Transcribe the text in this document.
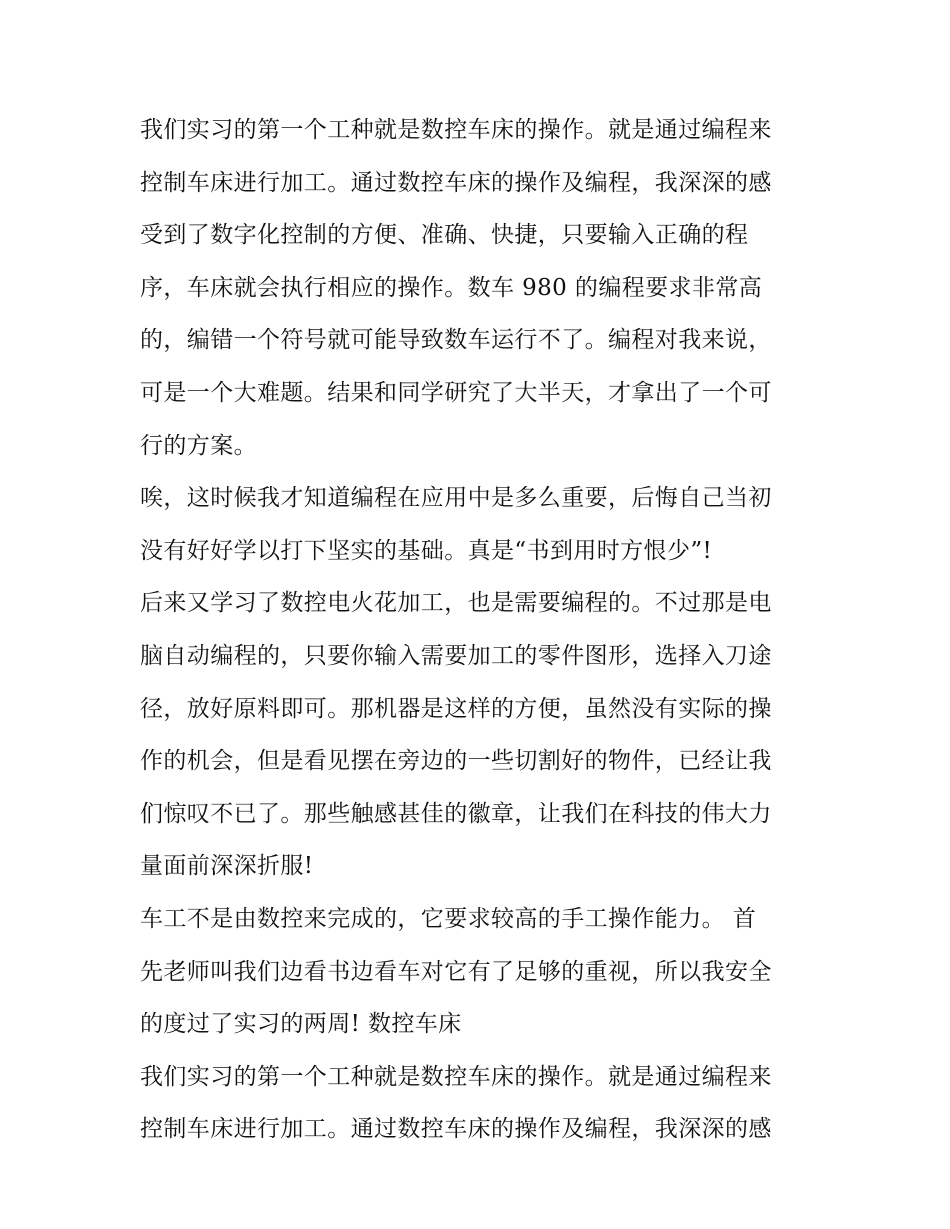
我们实习的第一个工种就是数控车床的操作。就是通过编程来
控制车床进行加工。通过数控车床的操作及编程，我深深的感
受到了数字化控制的方便、准确、快捷，只要输入正确的程
序，车床就会执行相应的操作。数车 980 的编程要求非常高
的，编错一个符号就可能导致数车运行不了。编程对我来说，
可是一个大难题。结果和同学研究了大半天，才拿出了一个可
行的方案。

唉，这时候我才知道编程在应用中是多么重要，后悔自己当初
没有好好学以打下坚实的基础。真是“书到用时方恨少”!

后来又学习了数控电火花加工，也是需要编程的。不过那是电
脑自动编程的，只要你输入需要加工的零件图形，选择入刀途
径，放好原料即可。那机器是这样的方便，虽然没有实际的操
作的机会，但是看见摆在旁边的一些切割好的物件，已经让我
们惊叹不已了。那些触感甚佳的徽章，让我们在科技的伟大力
量面前深深折服!

车工不是由数控来完成的，它要求较高的手工操作能力。 首
先老师叫我们边看书边看车对它有了足够的重视，所以我安全
的度过了实习的两周! 数控车床

我们实习的第一个工种就是数控车床的操作。就是通过编程来
控制车床进行加工。通过数控车床的操作及编程，我深深的感
